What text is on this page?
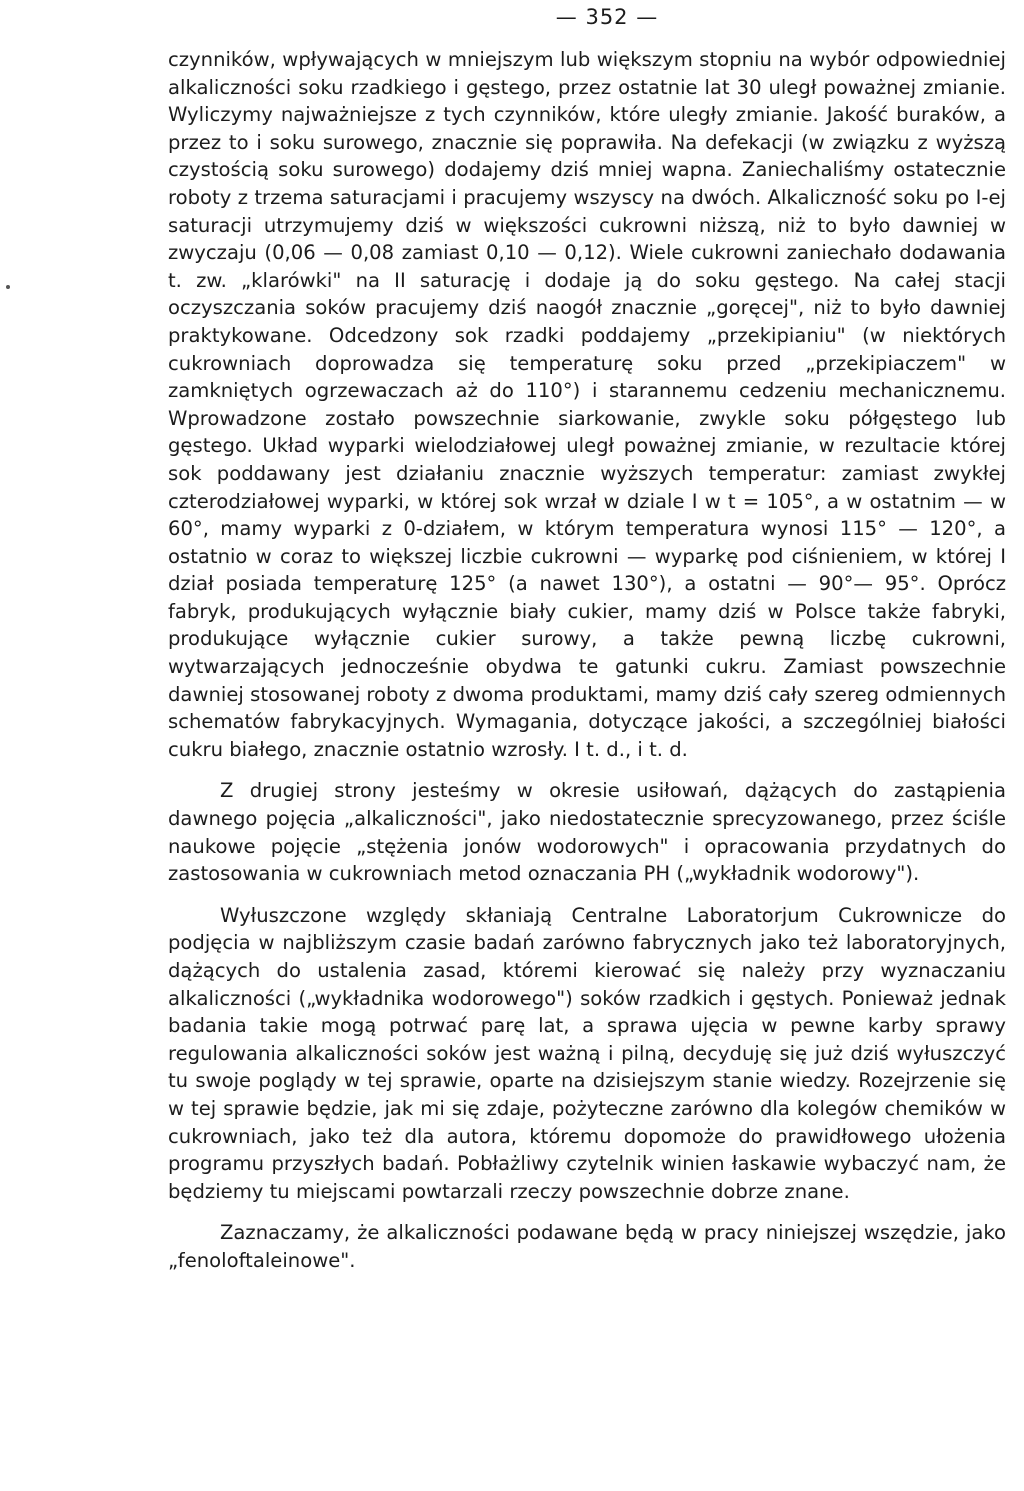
— 352 —

czynników, wpływających w mniejszym lub większym stopniu na wybór odpowiedniej alkaliczności soku rzadkiego i gęstego, przez ostatnie lat 30 uległ poważnej zmianie. Wyliczymy najważniejsze z tych czynników, które uległy zmianie. Jakość buraków, a przez to i soku surowego, znacznie się poprawiła. Na defekacji (w związku z wyższą czystością soku surowego) dodajemy dziś mniej wapna. Zaniechaliśmy ostatecznie roboty z trzema saturacjami i pracujemy wszyscy na dwóch. Alkaliczność soku po I-ej saturacji utrzymujemy dziś w większości cukrowni niższą, niż to było dawniej w zwyczaju (0,06 — 0,08 zamiast 0,10 — 0,12). Wiele cukrowni zaniechało dodawania t. zw. „klarówki" na II saturację i dodaje ją do soku gęstego. Na całej stacji oczyszczania soków pracujemy dziś naogół znacznie „goręcej", niż to było dawniej praktykowane. Odcedzony sok rzadki poddajemy „przekipianiu" (w niektórych cukrowniach doprowadza się temperaturę soku przed „przekipiaczem" w zamkniętych ogrzewaczach aż do 110°) i starannemu cedzeniu mechanicznemu. Wprowadzone zostało powszechnie siarkowanie, zwykle soku półgęstego lub gęstego. Układ wyparki wielodziałowej uległ poważnej zmianie, w rezultacie której sok poddawany jest działaniu znacznie wyższych temperatur: zamiast zwykłej czterodziałowej wyparki, w której sok wrzał w dziale I w t = 105°, a w ostatnim — w 60°, mamy wyparki z 0-działem, w którym temperatura wynosi 115° — 120°, a ostatnio w coraz to większej liczbie cukrowni — wyparkę pod ciśnieniem, w której I dział posiada temperaturę 125° (a nawet 130°), a ostatni — 90°— 95°. Oprócz fabryk, produkujących wyłącznie biały cukier, mamy dziś w Polsce także fabryki, produkujące wyłącznie cukier surowy, a także pewną liczbę cukrowni, wytwarzających jednocześnie obydwa te gatunki cukru. Zamiast powszechnie dawniej stosowanej roboty z dwoma produktami, mamy dziś cały szereg odmiennych schematów fabrykacyjnych. Wymagania, dotyczące jakości, a szczególniej białości cukru białego, znacznie ostatnio wzrosły. I t. d., i t. d.

Z drugiej strony jesteśmy w okresie usiłowań, dążących do zastąpienia dawnego pojęcia „alkaliczności", jako niedostatecznie sprecyzowanego, przez ściśle naukowe pojęcie „stężenia jonów wodorowych" i opracowania przydatnych do zastosowania w cukrowniach metod oznaczania PH („wykładnik wodorowy").

Wyłuszczone względy skłaniają Centralne Laboratorjum Cukrownicze do podjęcia w najbliższym czasie badań zarówno fabrycznych jako też laboratoryjnych, dążących do ustalenia zasad, któremi kierować się należy przy wyznaczaniu alkaliczności („wykładnika wodorowego") soków rzadkich i gęstych. Ponieważ jednak badania takie mogą potrwać parę lat, a sprawa ujęcia w pewne karby sprawy regulowania alkaliczności soków jest ważną i pilną, decyduję się już dziś wyłuszczyć tu swoje poglądy w tej sprawie, oparte na dzisiejszym stanie wiedzy. Rozejrzenie się w tej sprawie będzie, jak mi się zdaje, pożyteczne zarówno dla kolegów chemików w cukrowniach, jako też dla autora, któremu dopomoże do prawidłowego ułożenia programu przyszłych badań. Pobłażliwy czytelnik winien łaskawie wybaczyć nam, że będziemy tu miejscami powtarzali rzeczy powszechnie dobrze znane.

Zaznaczamy, że alkaliczności podawane będą w pracy niniejszej wszędzie, jako „fenoloftaleinowe".
